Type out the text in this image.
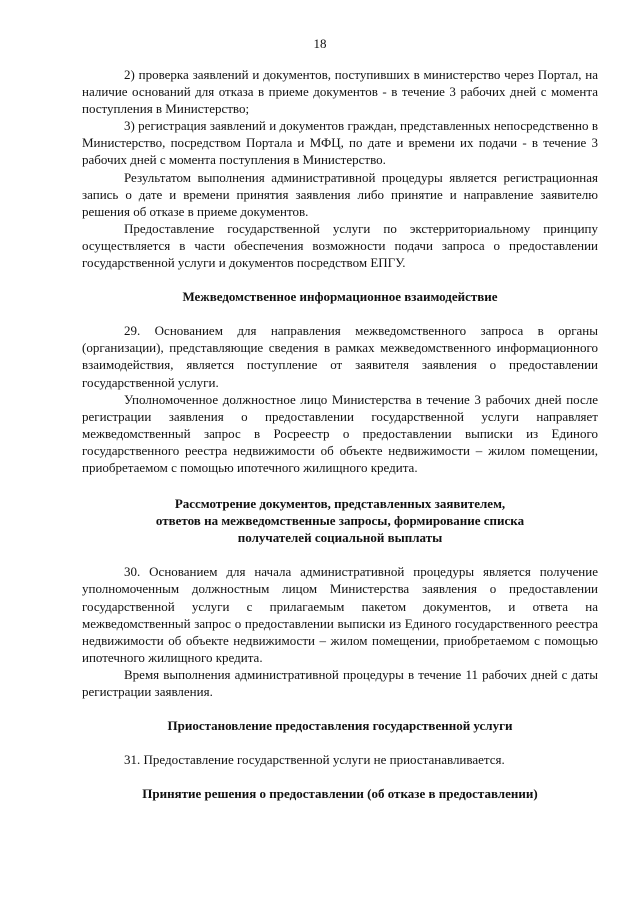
18

2) проверка заявлений и документов, поступивших в министерство через Портал, на наличие оснований для отказа в приеме документов - в течение 3 рабочих дней с момента поступления в Министерство;

3) регистрация заявлений и документов граждан, представленных непосредственно в Министерство, посредством Портала и МФЦ, по дате и времени их подачи - в течение 3 рабочих дней с момента поступления в Министерство.

Результатом выполнения административной процедуры является регистрационная запись о дате и времени принятия заявления либо принятие и направление заявителю решения об отказе в приеме документов.

Предоставление государственной услуги по экстерриториальному принципу осуществляется в части обеспечения возможности подачи запроса о предоставлении государственной услуги и документов посредством ЕПГУ.

Межведомственное информационное взаимодействие

29. Основанием для направления межведомственного запроса в органы (организации), представляющие сведения в рамках межведомственного информационного взаимодействия, является поступление от заявителя заявления о предоставлении государственной услуги.

Уполномоченное должностное лицо Министерства в течение 3 рабочих дней после регистрации заявления о предоставлении государственной услуги направляет межведомственный запрос в Росреестр о предоставлении выписки из Единого государственного реестра недвижимости об объекте недвижимости – жилом помещении, приобретаемом с помощью ипотечного жилищного кредита.

Рассмотрение документов, представленных заявителем,
ответов на межведомственные запросы, формирование списка
получателей социальной выплаты

30. Основанием для начала административной процедуры является получение уполномоченным должностным лицом Министерства заявления о предоставлении государственной услуги с прилагаемым пакетом документов, и ответа на межведомственный запрос о предоставлении выписки из Единого государственного реестра недвижимости об объекте недвижимости – жилом помещении, приобретаемом с помощью ипотечного жилищного кредита.

Время выполнения административной процедуры в течение 11 рабочих дней с даты регистрации заявления.

Приостановление предоставления государственной услуги

31. Предоставление государственной услуги не приостанавливается.

Принятие решения о предоставлении (об отказе в предоставлении)
